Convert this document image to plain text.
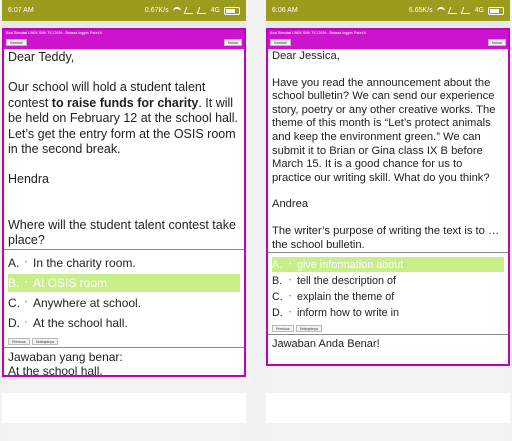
6:07 AM	0.67K/s	4G
Soal Simulasi UNBK SMK TKJ 2019 - Bahasa Inggris Paket A
Kembali	Keluar

Dear Teddy,

Our school will hold a student talent contest to raise funds for charity. It will be held on February 12 at the school hall. Let’s get the entry form at the OSIS room in the second break.

Hendra

Where will the student talent contest take place?

A. • In the charity room.
B. • At OSIS room
C. • Anywhere at school.
D. • At the school hall.
Previous	Selanjutnya
Jawaban yang benar:
At the school hall.
6:06 AM	6.65K/s	4G
Soal Simulasi UNBK SMK TKJ 2019 - Bahasa Inggris Paket A
Kembali	Keluar

Dear Jessica,

Have you read the announcement about the school bulletin? We can send our experience story, poetry or any other creative works. The theme of this month is “Let’s protect animals and keep the environment green.” We can submit it to Brian or Gina class IX B before March 15. It is a good chance for us to practice our writing skill. What do you think?

Andrea

The writer’s purpose of writing the text is to … the school bulletin.

A.	• give information about
B.	• tell the description of
C.	• explain the theme of
D.	• inform how to write in
Previous	Selanjutnya
Jawaban Anda Benar!
